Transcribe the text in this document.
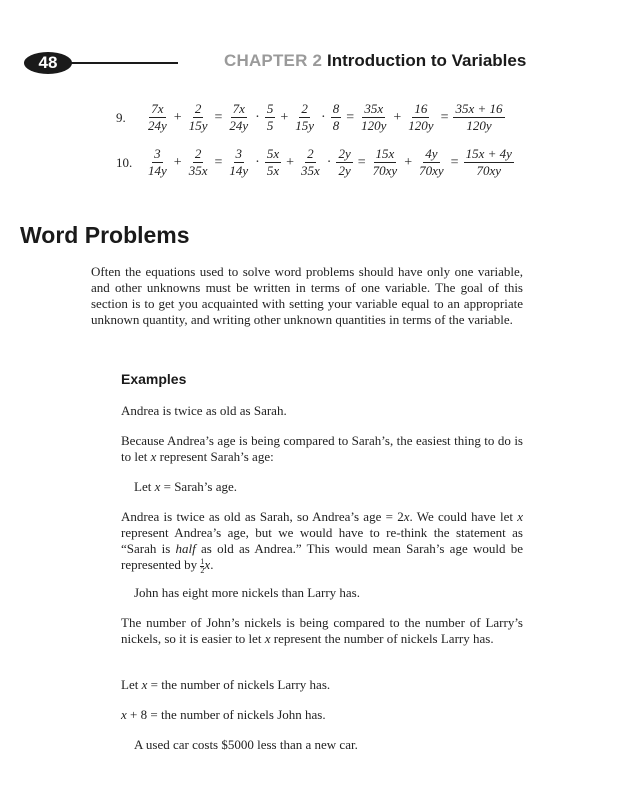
48	CHAPTER 2 Introduction to Variables
9.	$\frac{7x}{24y} + \frac{2}{15y} = \frac{7x}{24y} \cdot \frac{5}{5} + \frac{2}{15y} \cdot \frac{8}{8} = \frac{35x}{120y} + \frac{16}{120y} = \frac{35x + 16}{120y}$
10.	$\frac{3}{14y} + \frac{2}{35x} = \frac{3}{14y} \cdot \frac{5x}{5x} + \frac{2}{35x} \cdot \frac{2y}{2y} = \frac{15x}{70xy} + \frac{4y}{70xy} = \frac{15x + 4y}{70xy}$
Word Problems

Often the equations used to solve word problems should have only one variable, and other unknowns must be written in terms of one variable. The goal of this section is to get you acquainted with setting your variable equal to an appropriate unknown quantity, and writing other unknown quantities in terms of the variable.

Examples

Andrea is twice as old as Sarah.

Because Andrea’s age is being compared to Sarah’s, the easiest thing to do is to let x represent Sarah’s age:

Let x = Sarah’s age.

Andrea is twice as old as Sarah, so Andrea’s age = 2x. We could have let x represent Andrea’s age, but we would have to re-think the statement as “Sarah is half as old as Andrea.” This would mean Sarah’s age would be represented by $\frac{1}{2} x$.

John has eight more nickels than Larry has.

The number of John’s nickels is being compared to the number of Larry’s nickels, so it is easier to let x represent the number of nickels Larry has.

Let x = the number of nickels Larry has.

x + 8 = the number of nickels John has.

A used car costs $5000 less than a new car.
